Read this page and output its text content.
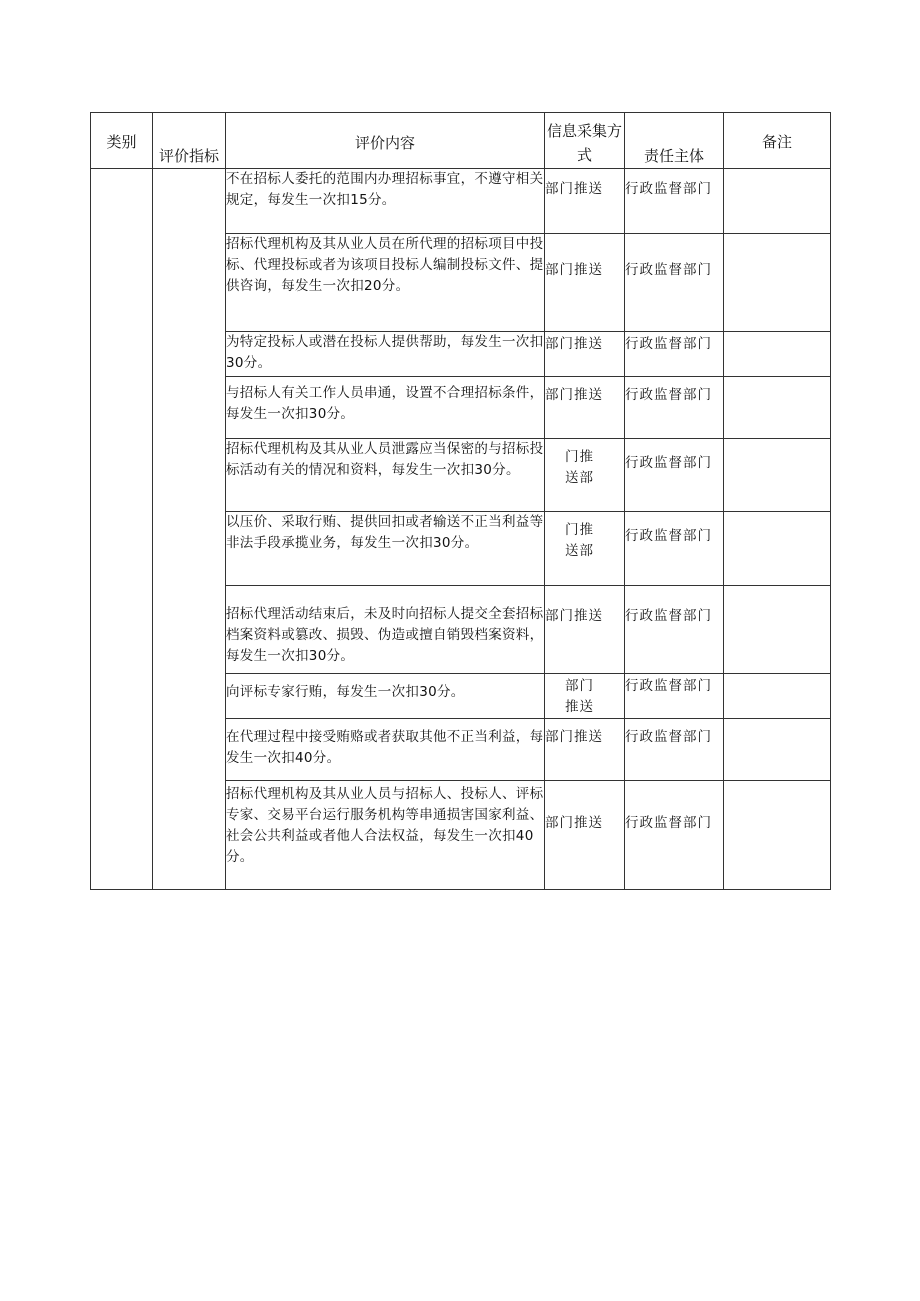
类别	评价指标	评价内容	信息采集方式	责任主体	备注

		不在招标人委托的范围内办理招标事宜，不遵守相关规定，每发生一次扣15分。	部门推送	行政监督部门	
		招标代理机构及其从业人员在所代理的招标项目中投标、代理投标或者为该项目投标人编制投标文件、提供咨询，每发生一次扣20分。	部门推送	行政监督部门	
		为特定投标人或潜在投标人提供帮助，每发生一次扣30分。	部门推送	行政监督部门	
		与招标人有关工作人员串通，设置不合理招标条件，每发生一次扣30分。	部门推送	行政监督部门	
		招标代理机构及其从业人员泄露应当保密的与招标投标活动有关的情况和资料，每发生一次扣30分。	门推送部	行政监督部门	
		以压价、采取行贿、提供回扣或者输送不正当利益等非法手段承揽业务，每发生一次扣30分。	门推送部	行政监督部门	
		招标代理活动结束后，未及时向招标人提交全套招标档案资料或篡改、损毁、伪造或擅自销毁档案资料，每发生一次扣30分。	部门推送	行政监督部门	
		向评标专家行贿，每发生一次扣30分。	部门推送	行政监督部门	
		在代理过程中接受贿赂或者获取其他不正当利益，每发生一次扣40分。	部门推送	行政监督部门	
		招标代理机构及其从业人员与招标人、投标人、评标专家、交易平台运行服务机构等串通损害国家利益、社会公共利益或者他人合法权益，每发生一次扣40分。	部门推送	行政监督部门	
